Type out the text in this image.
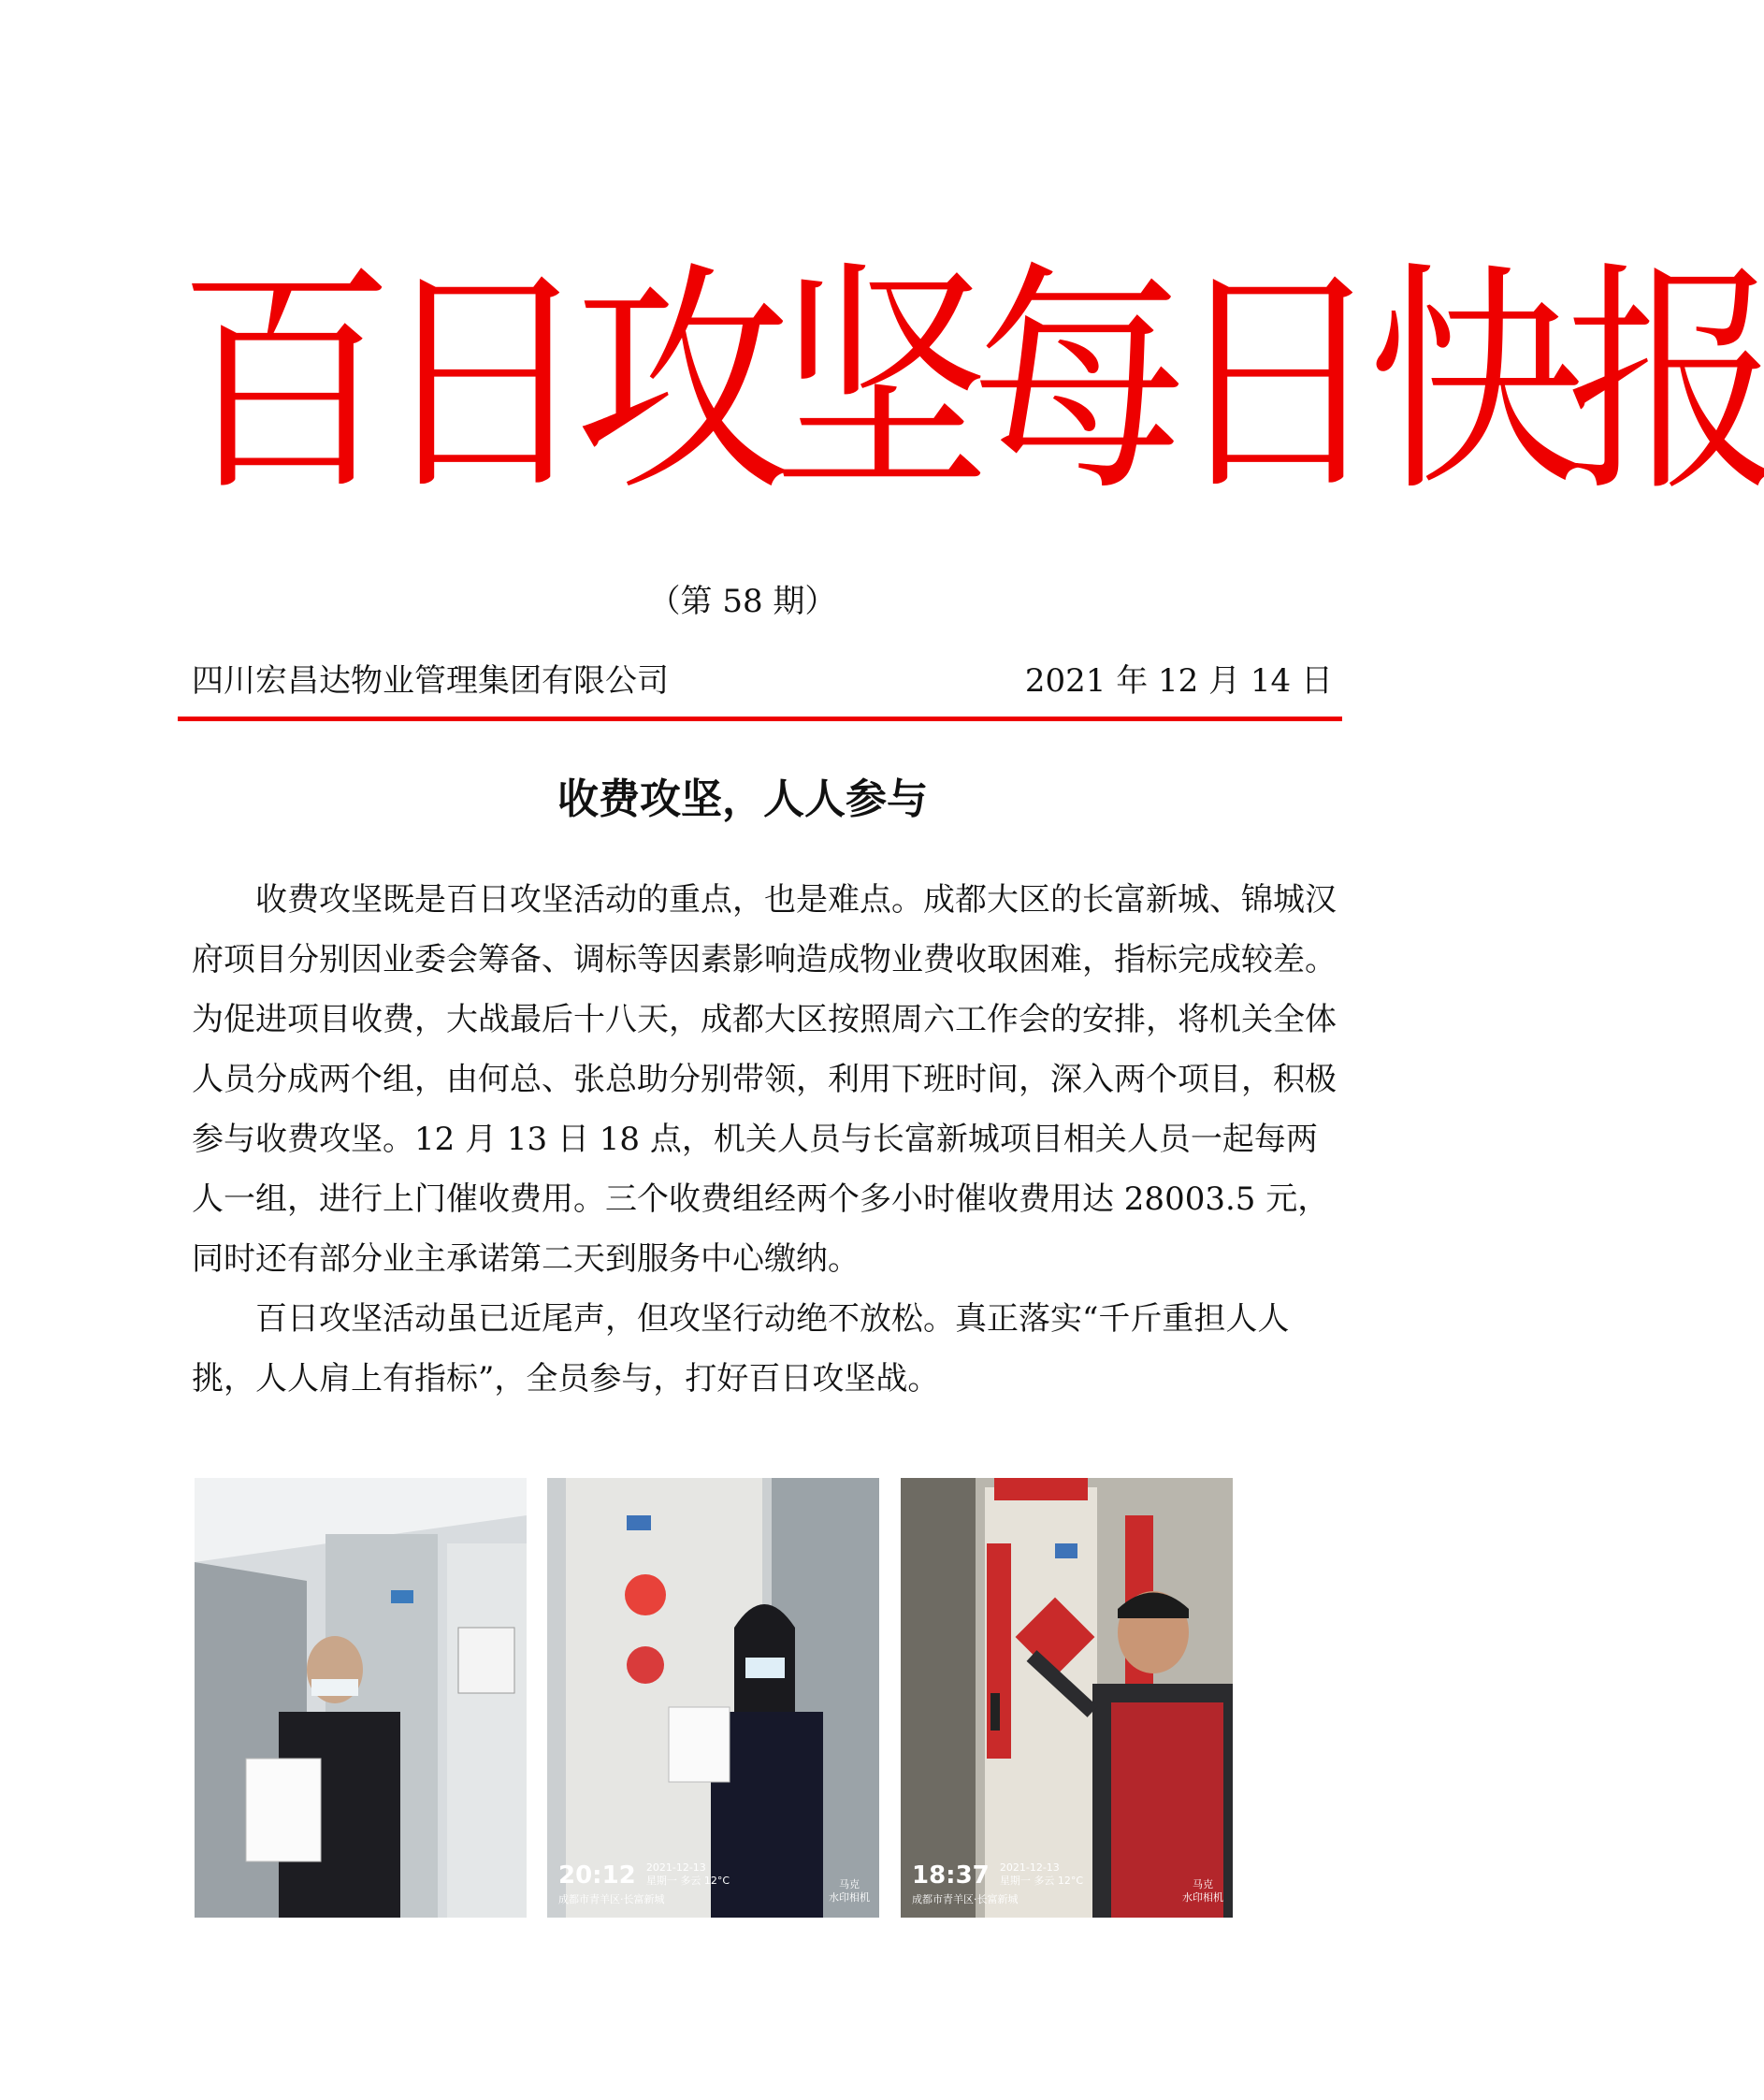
百日攻坚每日快报
（第 58 期）
四川宏昌达物业管理集团有限公司	2021 年 12 月 14 日
收费攻坚，人人参与

收费攻坚既是百日攻坚活动的重点，也是难点。成都大区的长富新城、锦城汉府项目分别因业委会筹备、调标等因素影响造成物业费收取困难，指标完成较差。为促进项目收费，大战最后十八天，成都大区按照周六工作会的安排，将机关全体人员分成两个组，由何总、张总助分别带领，利用下班时间，深入两个项目，积极参与收费攻坚。12 月 13 日 18 点，机关人员与长富新城项目相关人员一起每两人一组，进行上门催收费用。三个收费组经两个多小时催收费用达 28003.5 元，同时还有部分业主承诺第二天到服务中心缴纳。

百日攻坚活动虽已近尾声，但攻坚行动绝不放松。真正落实“千斤重担人人挑，人人肩上有指标”，全员参与，打好百日攻坚战。

20:12 2021-12-13
星期一 多云 12°C
成都市青羊区·长富新城
马克
水印相机
18:37 2021-12-13
星期一 多云 12°C
成都市青羊区·长富新城
马克
水印相机
